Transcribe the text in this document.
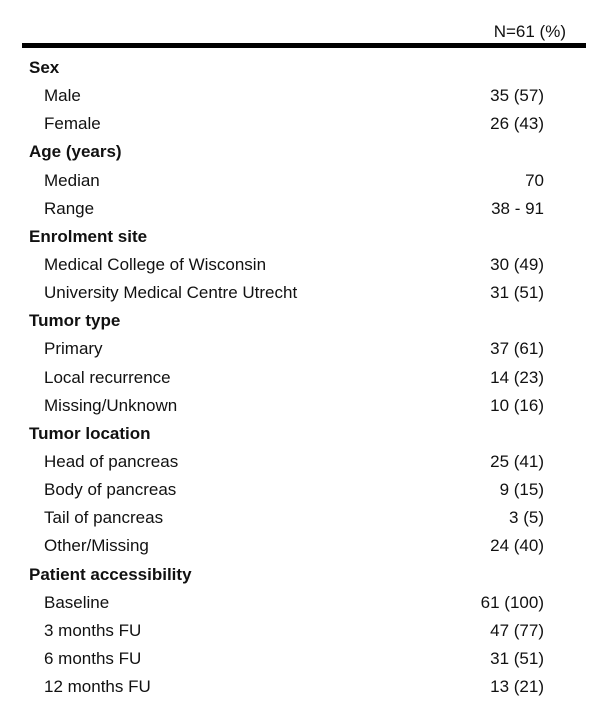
N=61 (%)
Sex
Male	35 (57)
Female	26 (43)
Age (years)
Median	70
Range	38 - 91
Enrolment site
Medical College of Wisconsin	30 (49)
University Medical Centre Utrecht	31 (51)
Tumor type
Primary	37 (61)
Local recurrence	14 (23)
Missing/Unknown	10 (16)
Tumor location
Head of pancreas	25 (41)
Body of pancreas	9 (15)
Tail of pancreas	3 (5)
Other/Missing	24 (40)
Patient accessibility
Baseline	61 (100)
3 months FU	47 (77)
6 months FU	31 (51)
12 months FU	13 (21)
